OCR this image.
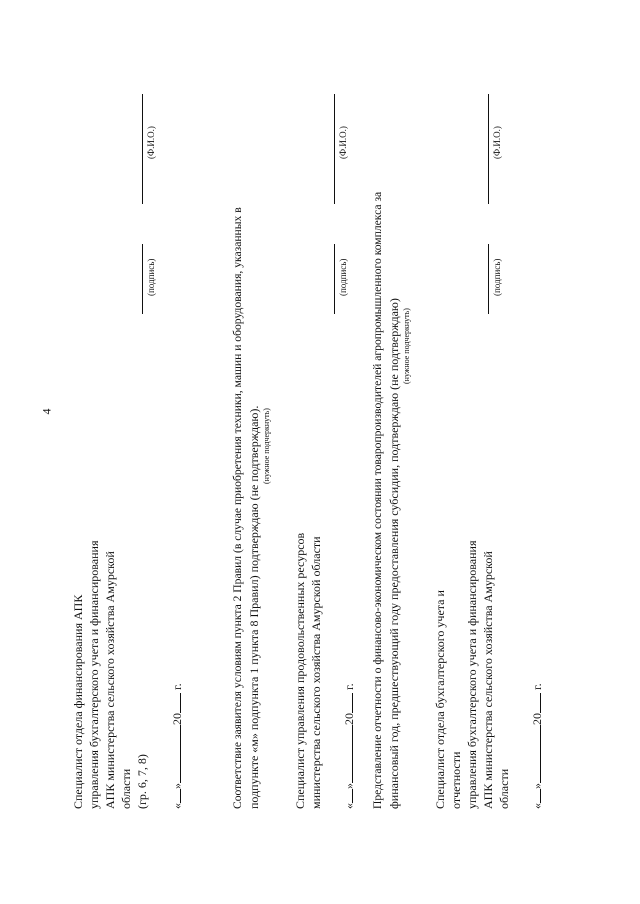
4
Специалист отдела финансирования АПК управления бухгалтерского учета и финансирования АПК министерства сельского хозяйства Амурской области (гр. 6, 7, 8) «»20 г.
(подпись)
(Ф.И.О.)
Соответствие заявителя условиям пункта 2 Правил (в случае приобретения техники, машин и оборудования, указанных в подпункте «м» подпункта 1 пункта 8 Правил) подтверждаю (не подтверждаю). (нужное подчеркнуть)
Специалист управления продовольственных ресурсов министерства сельского хозяйства Амурской области «»20 г.
(подпись)
(Ф.И.О.)
Представление отчетности о финансово-экономическом состоянии товаропроизводителей агропромышленного комплекса за финансовый год, предшествующий году предоставления субсидии, подтверждаю (не подтверждаю) (нужное подчеркнуть)
Специалист отдела бухгалтерского учета и отчетности управления бухгалтерского учета и финансирования АПК министерства сельского хозяйства Амурской области «»20 г.
(подпись)
(Ф.И.О.)
